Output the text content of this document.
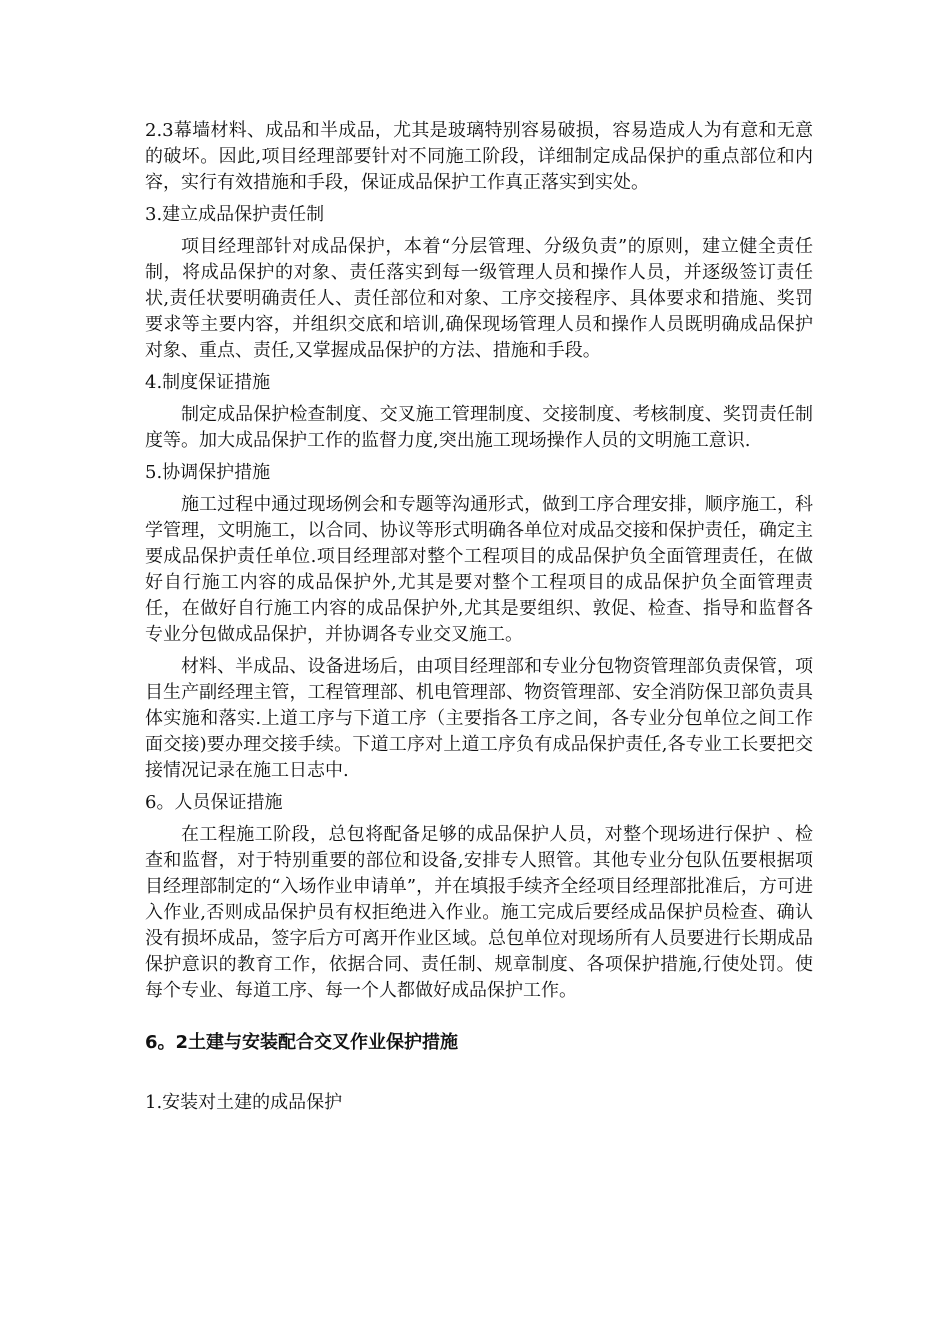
2.3幕墙材料、成品和半成品，尤其是玻璃特别容易破损，容易造成人为有意和无意的破坏。因此,项目经理部要针对不同施工阶段，详细制定成品保护的重点部位和内容，实行有效措施和手段，保证成品保护工作真正落实到实处。

3.建立成品保护责任制

项目经理部针对成品保护，本着“分层管理、分级负责”的原则，建立健全责任制，将成品保护的对象、责任落实到每一级管理人员和操作人员，并逐级签订责任状,责任状要明确责任人、责任部位和对象、工序交接程序、具体要求和措施、奖罚要求等主要内容，并组织交底和培训,确保现场管理人员和操作人员既明确成品保护对象、重点、责任,又掌握成品保护的方法、措施和手段。

4.制度保证措施

制定成品保护检查制度、交叉施工管理制度、交接制度、考核制度、奖罚责任制度等。加大成品保护工作的监督力度,突出施工现场操作人员的文明施工意识.

5.协调保护措施

施工过程中通过现场例会和专题等沟通形式，做到工序合理安排，顺序施工，科学管理，文明施工，以合同、协议等形式明确各单位对成品交接和保护责任，确定主要成品保护责任单位.项目经理部对整个工程项目的成品保护负全面管理责任，在做好自行施工内容的成品保护外,尤其是要对整个工程项目的成品保护负全面管理责任，在做好自行施工内容的成品保护外,尤其是要组织、敦促、检查、指导和监督各专业分包做成品保护，并协调各专业交叉施工。

材料、半成品、设备进场后，由项目经理部和专业分包物资管理部负责保管，项目生产副经理主管，工程管理部、机电管理部、物资管理部、安全消防保卫部负责具体实施和落实.上道工序与下道工序（主要指各工序之间，各专业分包单位之间工作面交接)要办理交接手续。下道工序对上道工序负有成品保护责任,各专业工长要把交接情况记录在施工日志中.

6。人员保证措施

在工程施工阶段，总包将配备足够的成品保护人员，对整个现场进行保护 、检查和监督，对于特别重要的部位和设备,安排专人照管。其他专业分包队伍要根据项目经理部制定的“入场作业申请单”，并在填报手续齐全经项目经理部批准后，方可进入作业,否则成品保护员有权拒绝进入作业。施工完成后要经成品保护员检查、确认没有损坏成品，签字后方可离开作业区域。总包单位对现场所有人员要进行长期成品保护意识的教育工作，依据合同、责任制、规章制度、各项保护措施,行使处罚。使每个专业、每道工序、每一个人都做好成品保护工作。

6。2土建与安装配合交叉作业保护措施

1.安装对土建的成品保护
